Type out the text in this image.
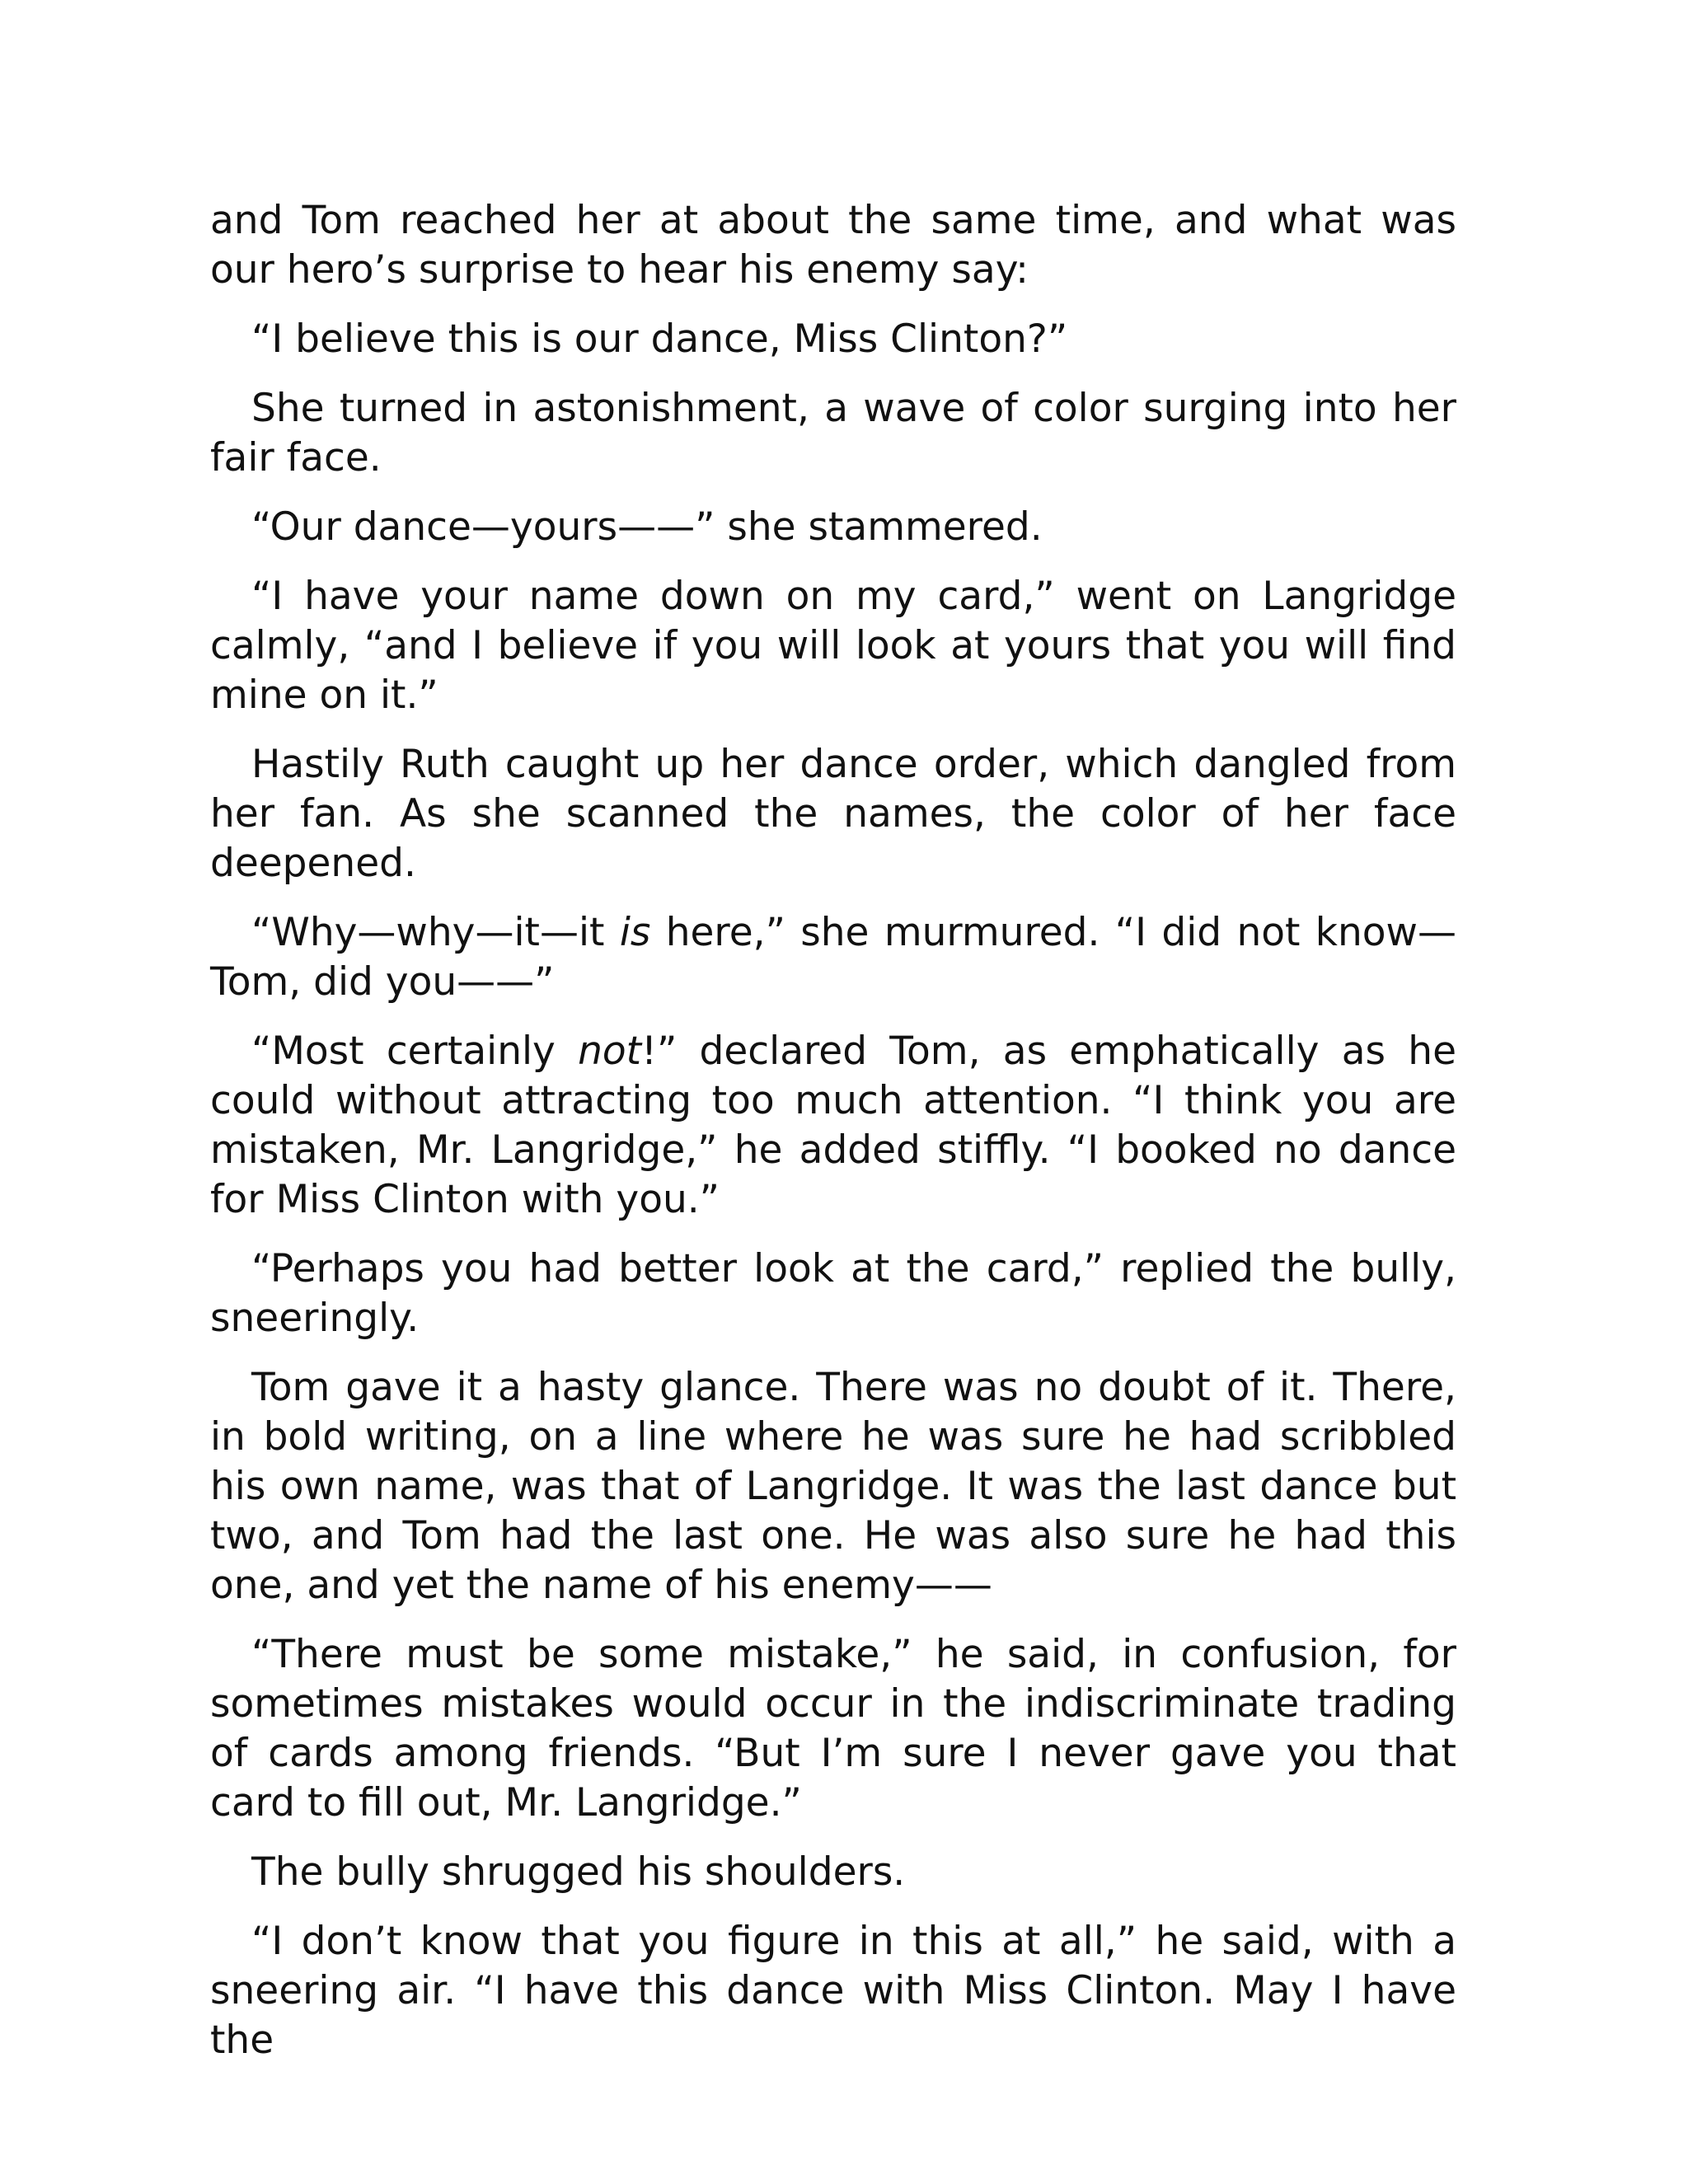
and Tom reached her at about the same time, and what was our hero’s surprise to hear his enemy say:

“I believe this is our dance, Miss Clinton?”

She turned in astonishment, a wave of color surging into her fair face.

“Our dance—yours——” she stammered.

“I have your name down on my card,” went on Langridge calmly, “and I believe if you will look at yours that you will find mine on it.”

Hastily Ruth caught up her dance order, which dangled from her fan. As she scanned the names, the color of her face deepened.

“Why—why—it—it is here,” she murmured. “I did not know—Tom, did you——”

“Most certainly not!” declared Tom, as emphatically as he could without attracting too much attention. “I think you are mistaken, Mr. Langridge,” he added stiffly. “I booked no dance for Miss Clinton with you.”

“Perhaps you had better look at the card,” replied the bully, sneeringly.

Tom gave it a hasty glance. There was no doubt of it. There, in bold writing, on a line where he was sure he had scribbled his own name, was that of Langridge. It was the last dance but two, and Tom had the last one. He was also sure he had this one, and yet the name of his enemy——

“There must be some mistake,” he said, in confusion, for sometimes mistakes would occur in the indiscriminate trading of cards among friends. “But I’m sure I never gave you that card to fill out, Mr. Langridge.”

The bully shrugged his shoulders.

“I don’t know that you figure in this at all,” he said, with a sneering air. “I have this dance with Miss Clinton. May I have the
